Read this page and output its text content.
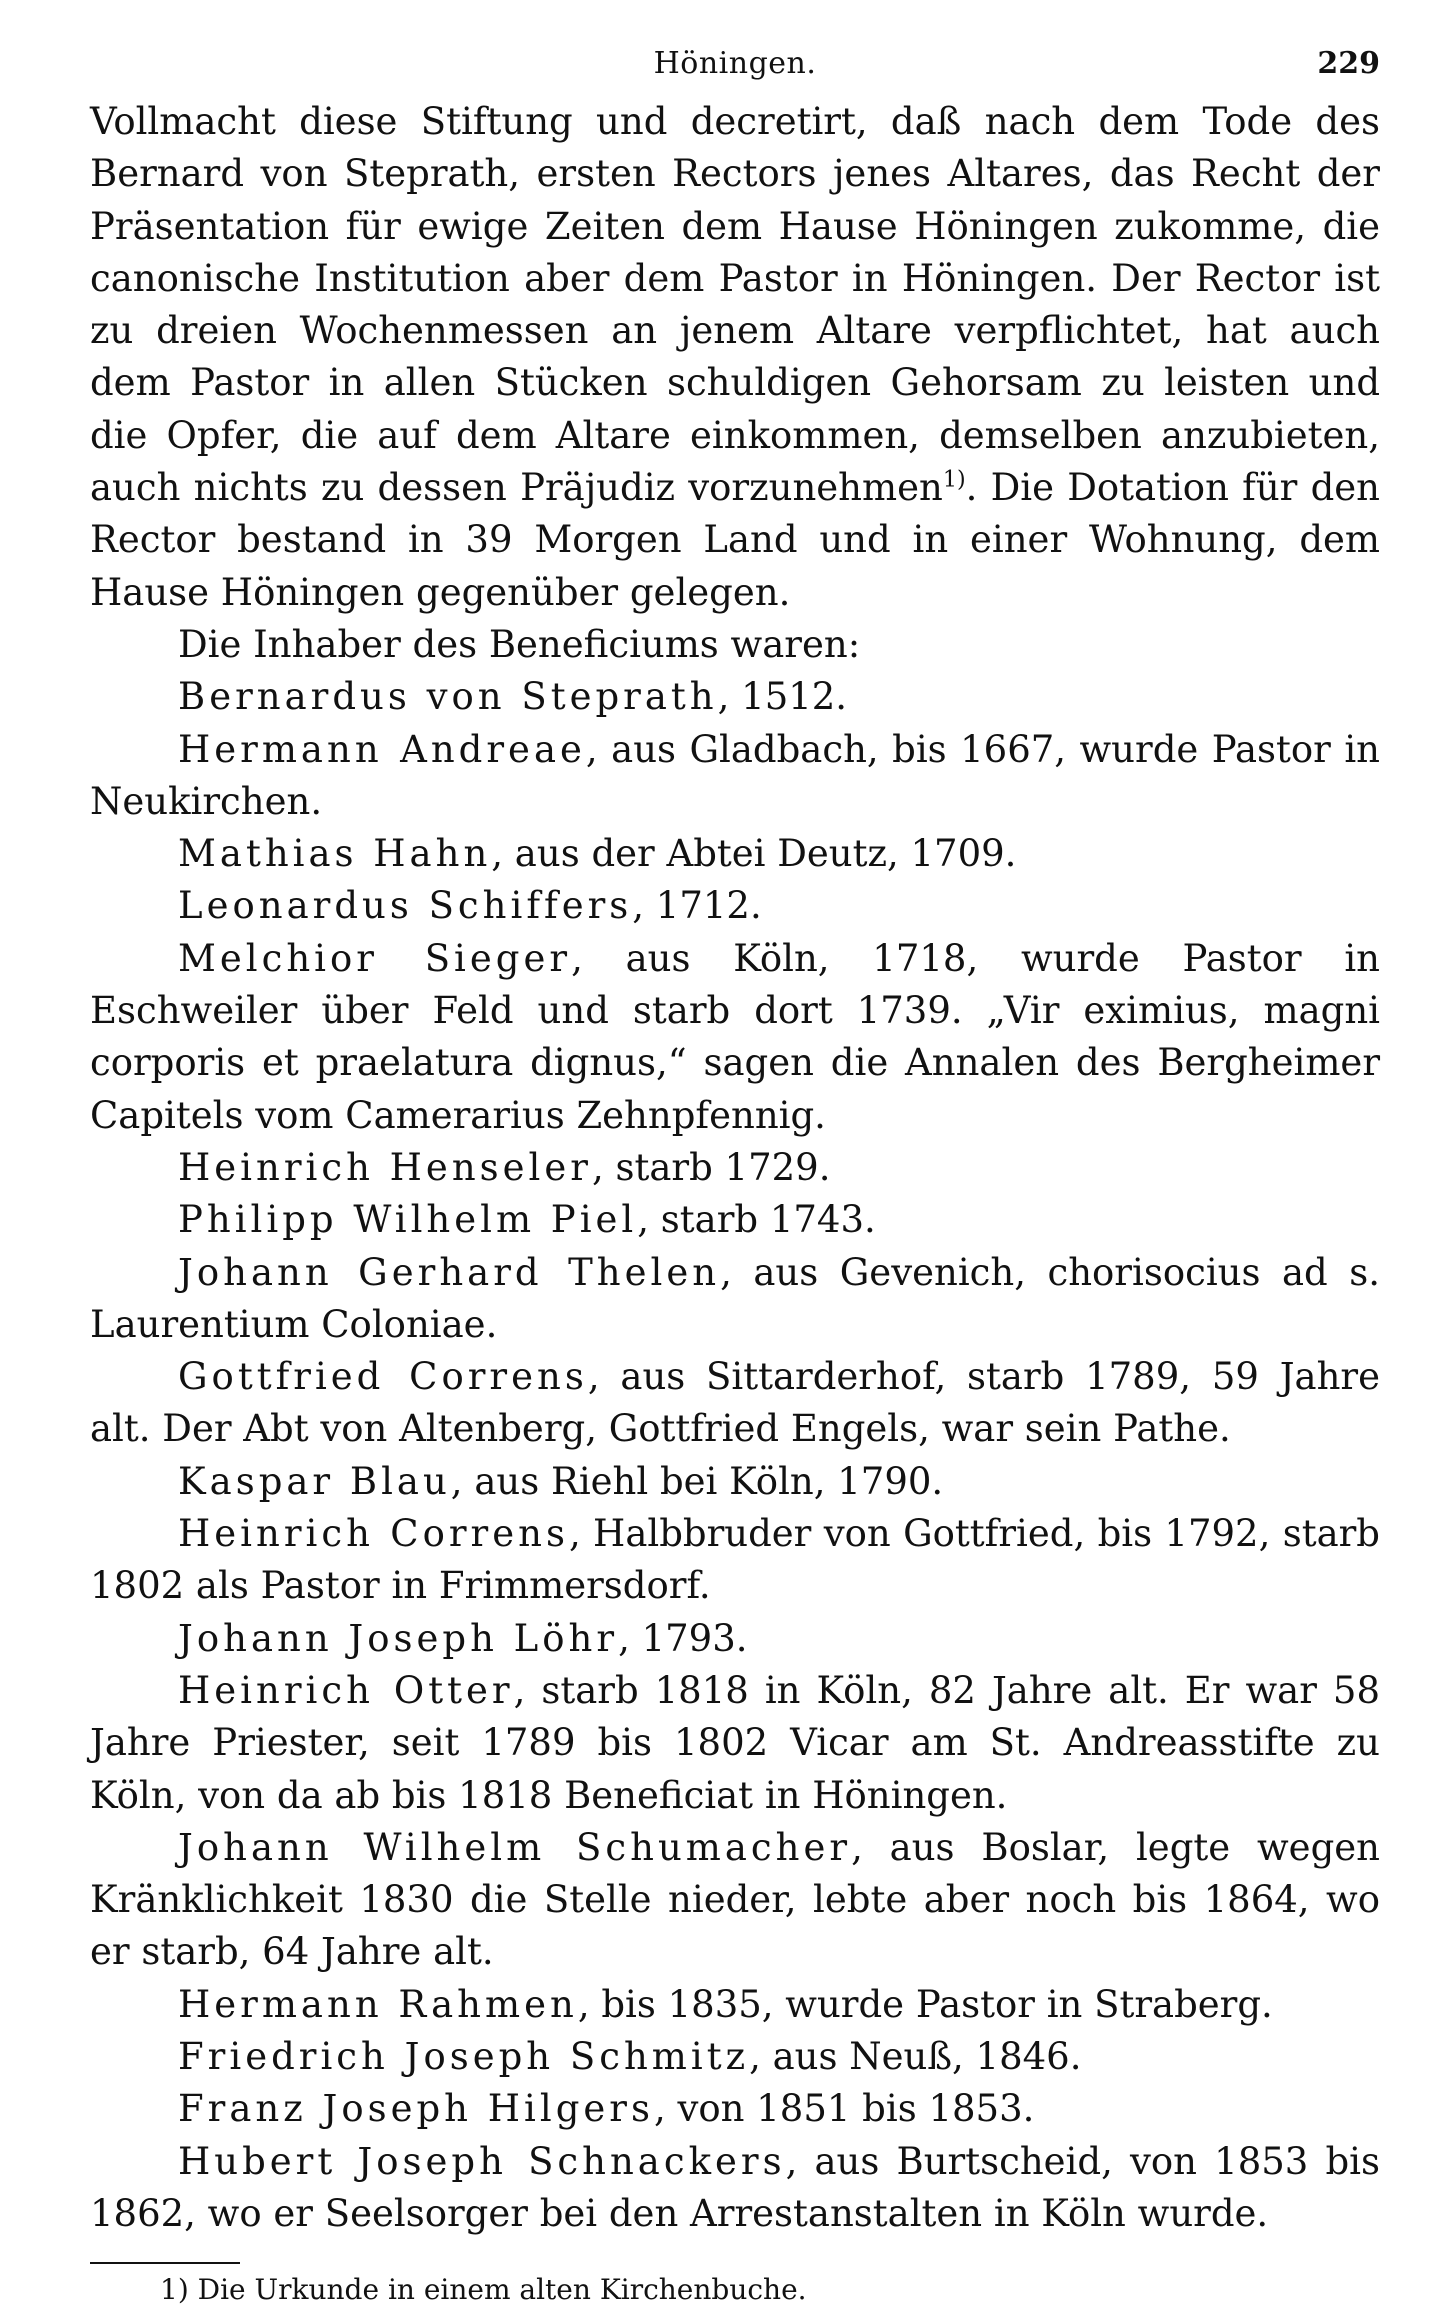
Höningen.	229

Vollmacht diese Stiftung und decretirt, daß nach dem Tode des Bernard von Steprath, ersten Rectors jenes Altares, das Recht der Präsentation für ewige Zeiten dem Hause Höningen zukomme, die canonische Institution aber dem Pastor in Höningen. Der Rector ist zu dreien Wochenmessen an jenem Altare verpflichtet, hat auch dem Pastor in allen Stücken schuldigen Gehorsam zu leisten und die Opfer, die auf dem Altare einkommen, demselben anzubieten, auch nichts zu dessen Präjudiz vorzunehmen$^{1)}$. Die Dotation für den Rector bestand in 39 Morgen Land und in einer Wohnung, dem Hause Höningen gegenüber gelegen.

Die Inhaber des Beneficiums waren:

Bernardus von Steprath, 1512.

Hermann Andreae, aus Gladbach, bis 1667, wurde Pastor in Neukirchen.

Mathias Hahn, aus der Abtei Deutz, 1709.

Leonardus Schiffers, 1712.

Melchior Sieger, aus Köln, 1718, wurde Pastor in Eschweiler über Feld und starb dort 1739. „Vir eximius, magni corporis et praelatura dignus,“ sagen die Annalen des Bergheimer Capitels vom Camerarius Zehnpfennig.

Heinrich Henseler, starb 1729.

Philipp Wilhelm Piel, starb 1743.

Johann Gerhard Thelen, aus Gevenich, chorisocius ad s. Laurentium Coloniae.

Gottfried Correns, aus Sittarderhof, starb 1789, 59 Jahre alt. Der Abt von Altenberg, Gottfried Engels, war sein Pathe.

Kaspar Blau, aus Riehl bei Köln, 1790.

Heinrich Correns, Halbbruder von Gottfried, bis 1792, starb 1802 als Pastor in Frimmersdorf.

Johann Joseph Löhr, 1793.

Heinrich Otter, starb 1818 in Köln, 82 Jahre alt. Er war 58 Jahre Priester, seit 1789 bis 1802 Vicar am St. Andreasstifte zu Köln, von da ab bis 1818 Beneficiat in Höningen.

Johann Wilhelm Schumacher, aus Boslar, legte wegen Kränklichkeit 1830 die Stelle nieder, lebte aber noch bis 1864, wo er starb, 64 Jahre alt.

Hermann Rahmen, bis 1835, wurde Pastor in Straberg.

Friedrich Joseph Schmitz, aus Neuß, 1846.

Franz Joseph Hilgers, von 1851 bis 1853.

Hubert Joseph Schnackers, aus Burtscheid, von 1853 bis 1862, wo er Seelsorger bei den Arrestanstalten in Köln wurde.

1) Die Urkunde in einem alten Kirchenbuche.
